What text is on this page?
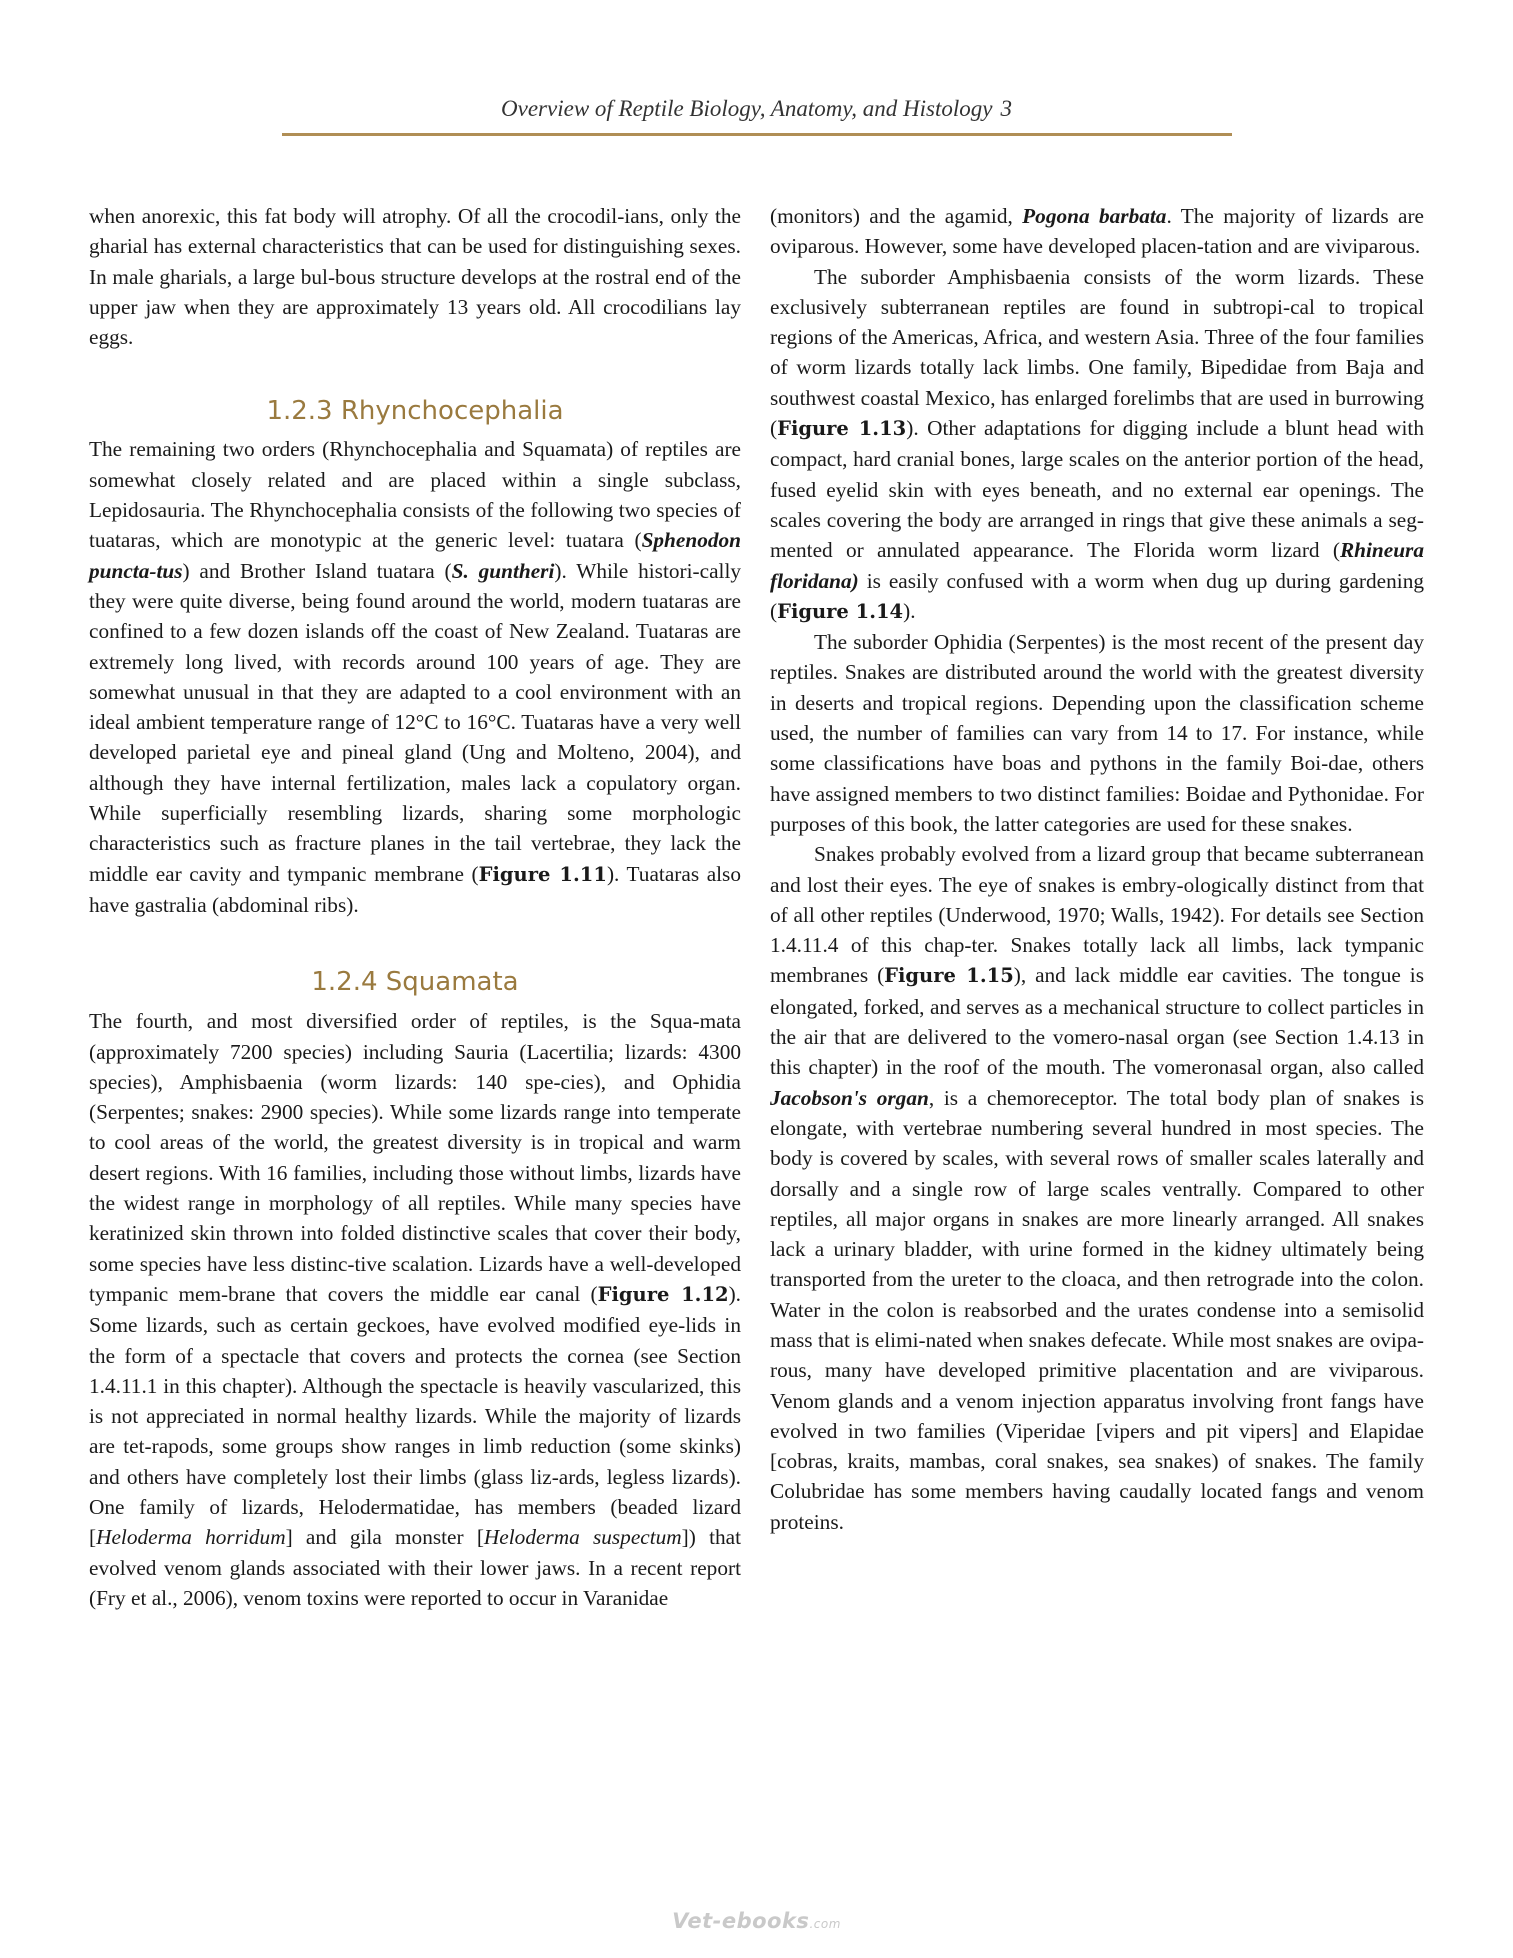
Overview of Reptile Biology, Anatomy, and Histology 3

when anorexic, this fat body will atrophy. Of all the crocodil-ians, only the gharial has external characteristics that can be used for distinguishing sexes. In male gharials, a large bul-bous structure develops at the rostral end of the upper jaw when they are approximately 13 years old. All crocodilians lay eggs.

1.2.3 Rhynchocephalia

The remaining two orders (Rhynchocephalia and Squamata) of reptiles are somewhat closely related and are placed within a single subclass, Lepidosauria. The Rhynchocephalia consists of the following two species of tuataras, which are monotypic at the generic level: tuatara (Sphenodon puncta-tus) and Brother Island tuatara (S. guntheri). While histori-cally they were quite diverse, being found around the world, modern tuataras are confined to a few dozen islands off the coast of New Zealand. Tuataras are extremely long lived, with records around 100 years of age. They are somewhat unusual in that they are adapted to a cool environment with an ideal ambient temperature range of 12°C to 16°C. Tuataras have a very well developed parietal eye and pineal gland (Ung and Molteno, 2004), and although they have internal fertilization, males lack a copulatory organ. While superficially resembling lizards, sharing some morphologic characteristics such as fracture planes in the tail vertebrae, they lack the middle ear cavity and tympanic membrane (Figure 1.11). Tuataras also have gastralia (abdominal ribs).

1.2.4 Squamata

The fourth, and most diversified order of reptiles, is the Squa-mata (approximately 7200 species) including Sauria (Lacertilia; lizards: 4300 species), Amphisbaenia (worm lizards: 140 spe-cies), and Ophidia (Serpentes; snakes: 2900 species). While some lizards range into temperate to cool areas of the world, the greatest diversity is in tropical and warm desert regions. With 16 families, including those without limbs, lizards have the widest range in morphology of all reptiles. While many species have keratinized skin thrown into folded distinctive scales that cover their body, some species have less distinc-tive scalation. Lizards have a well-developed tympanic mem-brane that covers the middle ear canal (Figure 1.12). Some lizards, such as certain geckoes, have evolved modified eye-lids in the form of a spectacle that covers and protects the cornea (see Section 1.4.11.1 in this chapter). Although the spectacle is heavily vascularized, this is not appreciated in normal healthy lizards. While the majority of lizards are tet-rapods, some groups show ranges in limb reduction (some skinks) and others have completely lost their limbs (glass liz-ards, legless lizards). One family of lizards, Helodermatidae, has members (beaded lizard [Heloderma horridum] and gila monster [Heloderma suspectum]) that evolved venom glands associated with their lower jaws. In a recent report (Fry et al., 2006), venom toxins were reported to occur in Varanidae

(monitors) and the agamid, Pogona barbata. The majority of lizards are oviparous. However, some have developed placen-tation and are viviparous.

The suborder Amphisbaenia consists of the worm lizards. These exclusively subterranean reptiles are found in subtropi-cal to tropical regions of the Americas, Africa, and western Asia. Three of the four families of worm lizards totally lack limbs. One family, Bipedidae from Baja and southwest coastal Mexico, has enlarged forelimbs that are used in burrowing (Figure 1.13). Other adaptations for digging include a blunt head with compact, hard cranial bones, large scales on the anterior portion of the head, fused eyelid skin with eyes beneath, and no external ear openings. The scales covering the body are arranged in rings that give these animals a seg-mented or annulated appearance. The Florida worm lizard (Rhineura floridana) is easily confused with a worm when dug up during gardening (Figure 1.14).

The suborder Ophidia (Serpentes) is the most recent of the present day reptiles. Snakes are distributed around the world with the greatest diversity in deserts and tropical regions. Depending upon the classification scheme used, the number of families can vary from 14 to 17. For instance, while some classifications have boas and pythons in the family Boi-dae, others have assigned members to two distinct families: Boidae and Pythonidae. For purposes of this book, the latter categories are used for these snakes.

Snakes probably evolved from a lizard group that became subterranean and lost their eyes. The eye of snakes is embry-ologically distinct from that of all other reptiles (Underwood, 1970; Walls, 1942). For details see Section 1.4.11.4 of this chap-ter. Snakes totally lack all limbs, lack tympanic membranes (Figure 1.15), and lack middle ear cavities. The tongue is elongated, forked, and serves as a mechanical structure to collect particles in the air that are delivered to the vomero-nasal organ (see Section 1.4.13 in this chapter) in the roof of the mouth. The vomeronasal organ, also called Jacobson's organ, is a chemoreceptor. The total body plan of snakes is elongate, with vertebrae numbering several hundred in most species. The body is covered by scales, with several rows of smaller scales laterally and dorsally and a single row of large scales ventrally. Compared to other reptiles, all major organs in snakes are more linearly arranged. All snakes lack a urinary bladder, with urine formed in the kidney ultimately being transported from the ureter to the cloaca, and then retrograde into the colon. Water in the colon is reabsorbed and the urates condense into a semisolid mass that is elimi-nated when snakes defecate. While most snakes are ovipa-rous, many have developed primitive placentation and are viviparous. Venom glands and a venom injection apparatus involving front fangs have evolved in two families (Viperidae [vipers and pit vipers] and Elapidae [cobras, kraits, mambas, coral snakes, sea snakes) of snakes. The family Colubridae has some members having caudally located fangs and venom proteins.

Vet-ebooks.com
